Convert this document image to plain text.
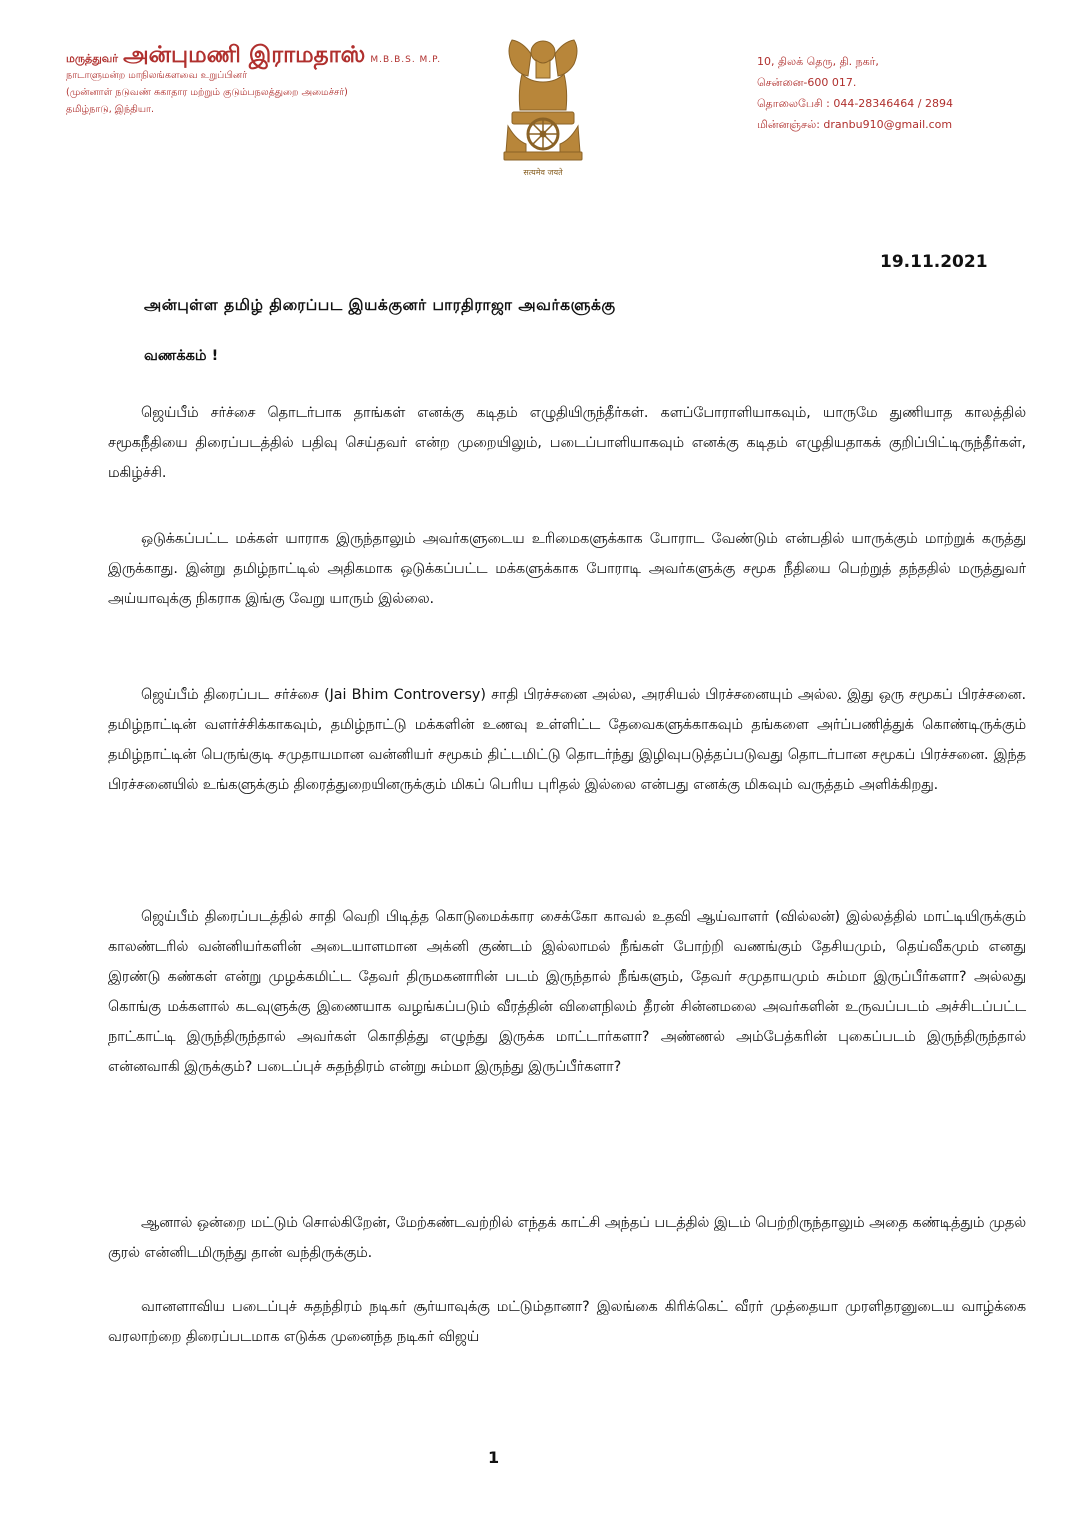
மருத்துவர் அன்புமணி இராமதாஸ் M.B.B.S. M.P.
நாடாளுமன்ற மாநிலங்களவை உறுப்பினர்
(முன்னாள் நடுவண் சுகாதார மற்றும் குடும்பநலத்துறை அமைச்சர்)
தமிழ்நாடு, இந்தியா.
सत्यमेव जयते
10, திலக் தெரு, தி. நகர்,
சென்னை-600 017.
தொலைபேசி : 044-28346464 / 2894
மின்னஞ்சல்: dranbu910@gmail.com
19.11.2021
அன்புள்ள தமிழ் திரைப்பட இயக்குனர் பாரதிராஜா அவர்களுக்கு
வணக்கம் !

ஜெய்பீம் சர்ச்சை தொடர்பாக தாங்கள் எனக்கு கடிதம் எழுதியிருந்தீர்கள். களப்போராளியாகவும், யாருமே துணியாத காலத்தில் சமூகநீதியை திரைப்படத்தில் பதிவு செய்தவர் என்ற முறையிலும், படைப்பாளியாகவும் எனக்கு கடிதம் எழுதியதாகக் குறிப்பிட்டிருந்தீர்கள், மகிழ்ச்சி.

ஒடுக்கப்பட்ட மக்கள் யாராக இருந்தாலும் அவர்களுடைய உரிமைகளுக்காக போராட வேண்டும் என்பதில் யாருக்கும் மாற்றுக் கருத்து இருக்காது. இன்று தமிழ்நாட்டில் அதிகமாக ஒடுக்கப்பட்ட மக்களுக்காக போராடி அவர்களுக்கு சமூக நீதியை பெற்றுத் தந்ததில் மருத்துவர் அய்யாவுக்கு நிகராக இங்கு வேறு யாரும் இல்லை.

ஜெய்பீம் திரைப்பட சர்ச்சை (Jai Bhim Controversy) சாதி பிரச்சனை அல்ல, அரசியல் பிரச்சனையும் அல்ல. இது ஒரு சமூகப் பிரச்சனை. தமிழ்நாட்டின் வளர்ச்சிக்காகவும், தமிழ்நாட்டு மக்களின் உணவு உள்ளிட்ட தேவைகளுக்காகவும் தங்களை அர்ப்பணித்துக் கொண்டிருக்கும் தமிழ்நாட்டின் பெருங்குடி சமுதாயமான வன்னியர் சமூகம் திட்டமிட்டு தொடர்ந்து இழிவுபடுத்தப்படுவது தொடர்பான சமூகப் பிரச்சனை. இந்த பிரச்சனையில் உங்களுக்கும் திரைத்துறையினருக்கும் மிகப் பெரிய புரிதல் இல்லை என்பது எனக்கு மிகவும் வருத்தம் அளிக்கிறது.

ஜெய்பீம் திரைப்படத்தில் சாதி வெறி பிடித்த கொடுமைக்கார சைக்கோ காவல் உதவி ஆய்வாளர் (வில்லன்) இல்லத்தில் மாட்டியிருக்கும் காலண்டரில் வன்னியர்களின் அடையாளமான அக்னி குண்டம் இல்லாமல் நீங்கள் போற்றி வணங்கும் தேசியமும், தெய்வீகமும் எனது இரண்டு கண்கள் என்று முழக்கமிட்ட தேவர் திருமகனாரின் படம் இருந்தால் நீங்களும், தேவர் சமுதாயமும் சும்மா இருப்பீர்களா? அல்லது கொங்கு மக்களால் கடவுளுக்கு இணையாக வழங்கப்படும் வீரத்தின் விளைநிலம் தீரன் சின்னமலை அவர்களின் உருவப்படம் அச்சிடப்பட்ட நாட்காட்டி இருந்திருந்தால் அவர்கள் கொதித்து எழுந்து இருக்க மாட்டார்களா? அண்ணல் அம்பேத்கரின் புகைப்படம் இருந்திருந்தால் என்னவாகி இருக்கும்? படைப்புச் சுதந்திரம் என்று சும்மா இருந்து இருப்பீர்களா?

ஆனால் ஒன்றை மட்டும் சொல்கிறேன், மேற்கண்டவற்றில் எந்தக் காட்சி அந்தப் படத்தில் இடம் பெற்றிருந்தாலும் அதை கண்டித்தும் முதல் குரல் என்னிடமிருந்து தான் வந்திருக்கும்.

வானளாவிய படைப்புச் சுதந்திரம் நடிகர் சூர்யாவுக்கு மட்டும்தானா? இலங்கை கிரிக்கெட் வீரர் முத்தையா முரளிதரனுடைய வாழ்க்கை வரலாற்றை திரைப்படமாக எடுக்க முனைந்த நடிகர் விஜய்

1
